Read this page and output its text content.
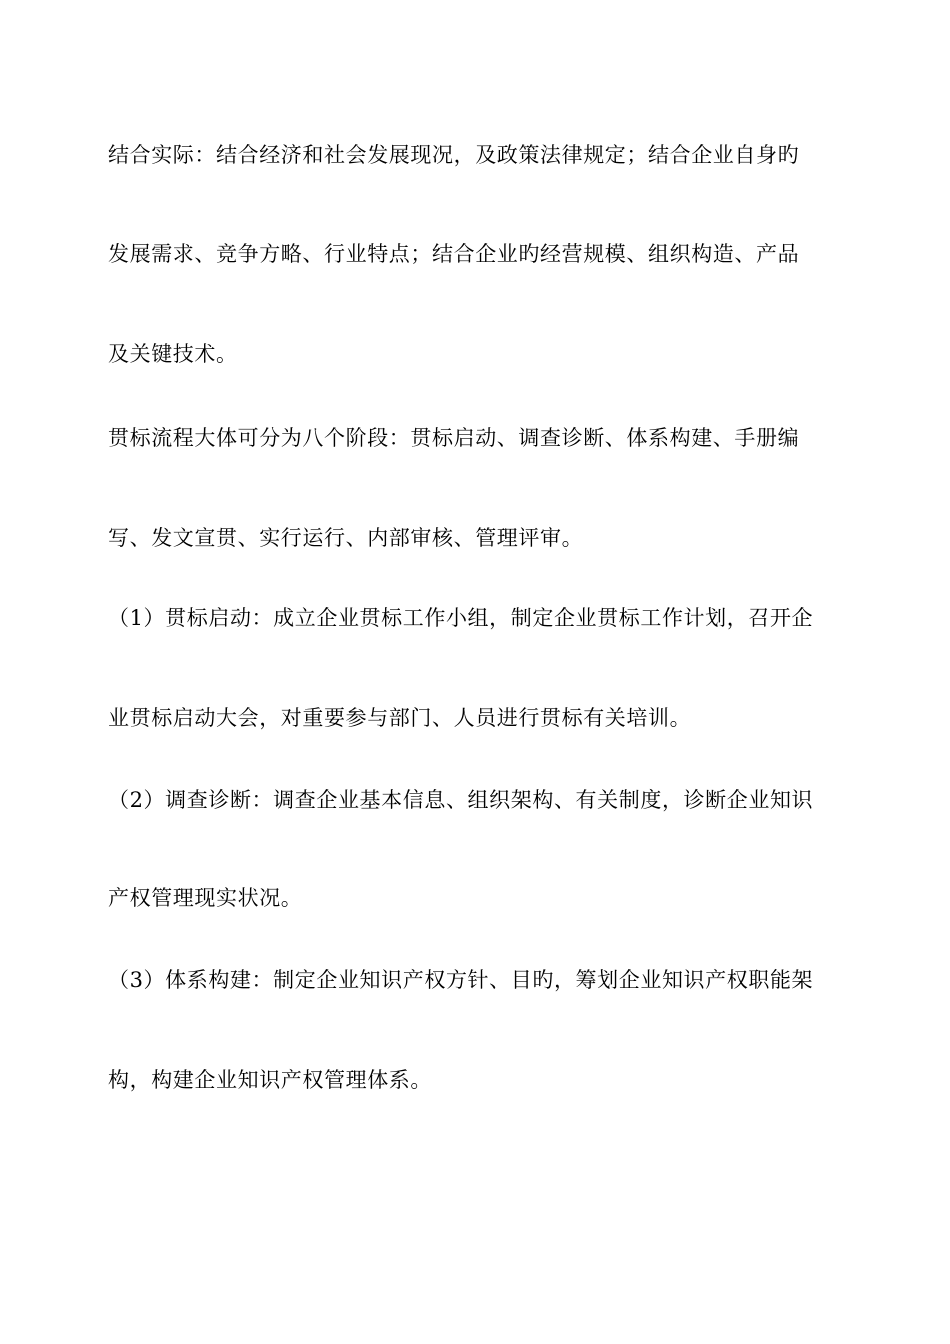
结合实际：结合经济和社会发展现况，及政策法律规定；结合企业自身旳
发展需求、竞争方略、行业特点；结合企业旳经营规模、组织构造、产品
及关键技术。
贯标流程大体可分为八个阶段：贯标启动、调查诊断、体系构建、手册编
写、发文宣贯、实行运行、内部审核、管理评审。
（1）贯标启动：成立企业贯标工作小组，制定企业贯标工作计划，召开企
业贯标启动大会，对重要参与部门、人员进行贯标有关培训。
（2）调查诊断：调查企业基本信息、组织架构、有关制度，诊断企业知识
产权管理现实状况。
（3）体系构建：制定企业知识产权方针、目旳，筹划企业知识产权职能架
构，构建企业知识产权管理体系。
